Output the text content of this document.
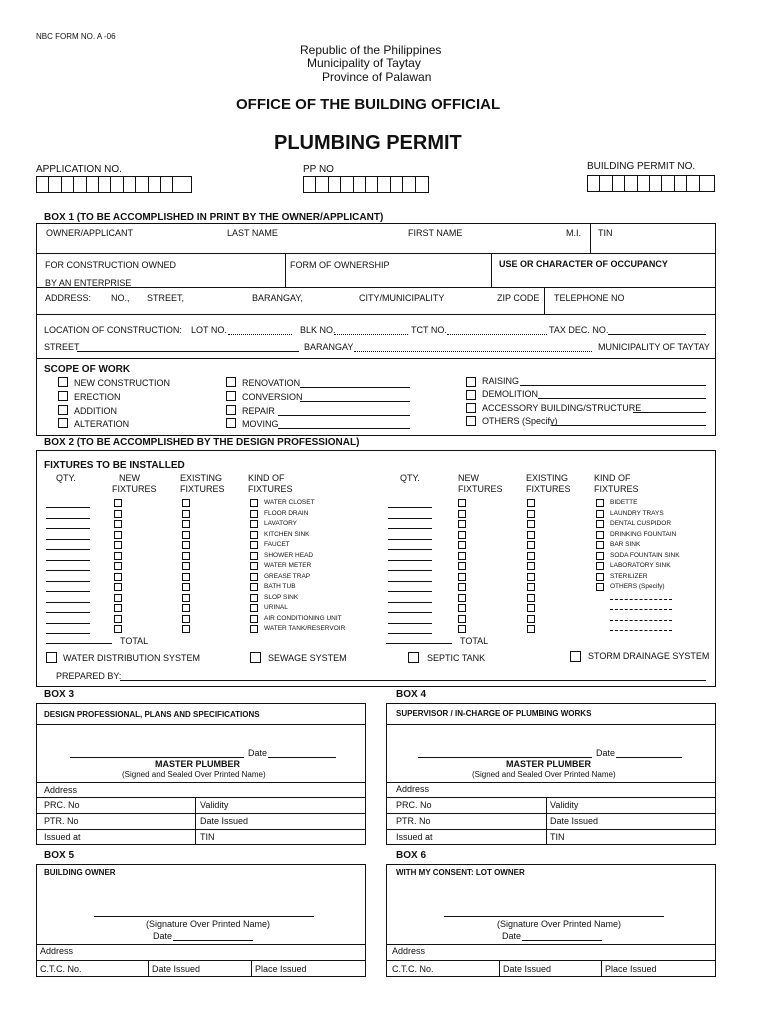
NBC FORM NO. A -06
Republic of the Philippines
Municipality of Taytay
Province of Palawan
OFFICE OF THE BUILDING OFFICIAL
PLUMBING PERMIT
APPLICATION NO.	PP NO	BUILDING PERMIT NO.
BOX 1 (TO BE ACCOMPLISHED IN PRINT BY THE OWNER/APPLICANT)
OWNER/APPLICANT	LAST NAME	FIRST NAME	M.I. TIN
FOR CONSTRUCTION OWNED
BY AN ENTERPRISE
FORM OF OWNERSHIP	USE OR CHARACTER OF OCCUPANCY
ADDRESS: NO., STREET,	BARANGAY,	CITY/MUNICIPALITY	ZIP CODE TELEPHONE NO
LOCATION OF CONSTRUCTION: LOT NO.	BLK NO.	TCT NO.	TAX DEC. NO.
STREET	BARANGAY	MUNICIPALITY OF TAYTAY
SCOPE OF WORK
NEW CONSTRUCTION
ERECTION
ADDITION
ALTERATION
RENOVATION
CONVERSION
REPAIR
MOVING
RAISING
DEMOLITION
ACCESSORY BUILDING/STRUCTURE
OTHERS (Specify)
BOX 2 (TO BE ACCOMPLISHED BY THE DESIGN PROFESSIONAL)
FIXTURES TO BE INSTALLED
QTY.	NEW
FIXTURES
EXISTING
FIXTURES
KIND OF
FIXTURES
QTY.	NEW
FIXTURES
EXISTING
FIXTURES
KIND OF
FIXTURES
WATER CLOSET	BIDETTE
FLOOR DRAIN	LAUNDRY TRAYS
LAVATORY	DENTAL CUSPIDOR
KITCHEN SINK	DRINKING FOUNTAIN
FAUCET	BAR SINK
SHOWER HEAD	SODA FOUNTAIN SINK
WATER METER	LABORATORY SINK
GREASE TRAP	STERILIZER
BATH TUB	OTHERS (Specify)
SLOP SINK
URINAL
AIR CONDITIONING UNIT
WATER TANK/RESERVOIR
TOTAL	TOTAL
WATER DISTRIBUTION SYSTEM	SEWAGE SYSTEM	SEPTIC TANK	STORM DRAINAGE SYSTEM
PREPARED BY:
BOX 3
DESIGN PROFESSIONAL, PLANS AND SPECIFICATIONS
Date
MASTER PLUMBER
(Signed and Sealed Over Printed Name)
Address
PRC. No	Validity
PTR. No	Date Issued
Issued at	TIN
BOX 4
SUPERVISOR / IN-CHARGE OF PLUMBING WORKS
Date
MASTER PLUMBER
(Signed and Sealed Over Printed Name)
Address
PRC. No	Validity
PTR. No	Date Issued
Issued at	TIN
BOX 5
BUILDING OWNER
(Signature Over Printed Name)
Date
Address
C.T.C. No.	Date Issued	Place Issued
BOX 6
WITH MY CONSENT: LOT OWNER
(Signature Over Printed Name)
Date
Address
C.T.C. No.	Date Issued	Place Issued
